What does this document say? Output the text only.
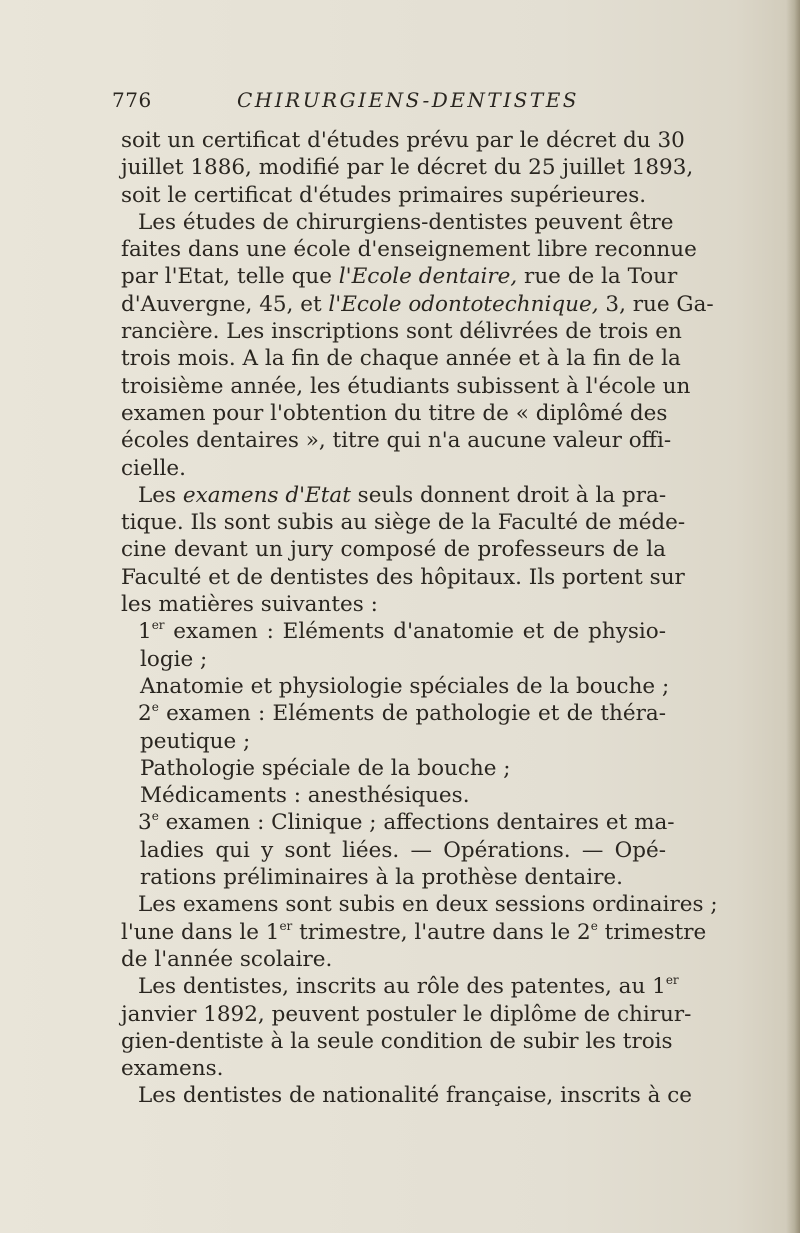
776	CHIRURGIENS-DENTISTES
soit un certificat d'études prévu par le décret du 30
juillet 1886, modifié par le décret du 25 juillet 1893,
soit le certificat d'études primaires supérieures.
Les études de chirurgiens-dentistes peuvent être
faites dans une école d'enseignement libre reconnue
par l'Etat, telle que l'Ecole dentaire, rue de la Tour
d'Auvergne, 45, et l'Ecole odontotechnique, 3, rue Ga-
rancière. Les inscriptions sont délivrées de trois en
trois mois. A la fin de chaque année et à la fin de la
troisième année, les étudiants subissent à l'école un
examen pour l'obtention du titre de « diplômé des
écoles dentaires », titre qui n'a aucune valeur offi-
cielle.
Les examens d'Etat seuls donnent droit à la pra-
tique. Ils sont subis au siège de la Faculté de méde-
cine devant un jury composé de professeurs de la
Faculté et de dentistes des hôpitaux. Ils portent sur
les matières suivantes :
1er examen : Eléments d'anatomie et de physio-
logie ;
Anatomie et physiologie spéciales de la bouche ;
2e examen : Eléments de pathologie et de théra-
peutique ;
Pathologie spéciale de la bouche ;
Médicaments : anesthésiques.
3e examen : Clinique ; affections dentaires et ma-
ladies qui y sont liées. — Opérations. — Opé-
rations préliminaires à la prothèse dentaire.
Les examens sont subis en deux sessions ordinaires ;
l'une dans le 1er trimestre, l'autre dans le 2e trimestre
de l'année scolaire.
Les dentistes, inscrits au rôle des patentes, au 1er
janvier 1892, peuvent postuler le diplôme de chirur-
gien-dentiste à la seule condition de subir les trois
examens.
Les dentistes de nationalité française, inscrits à ce
